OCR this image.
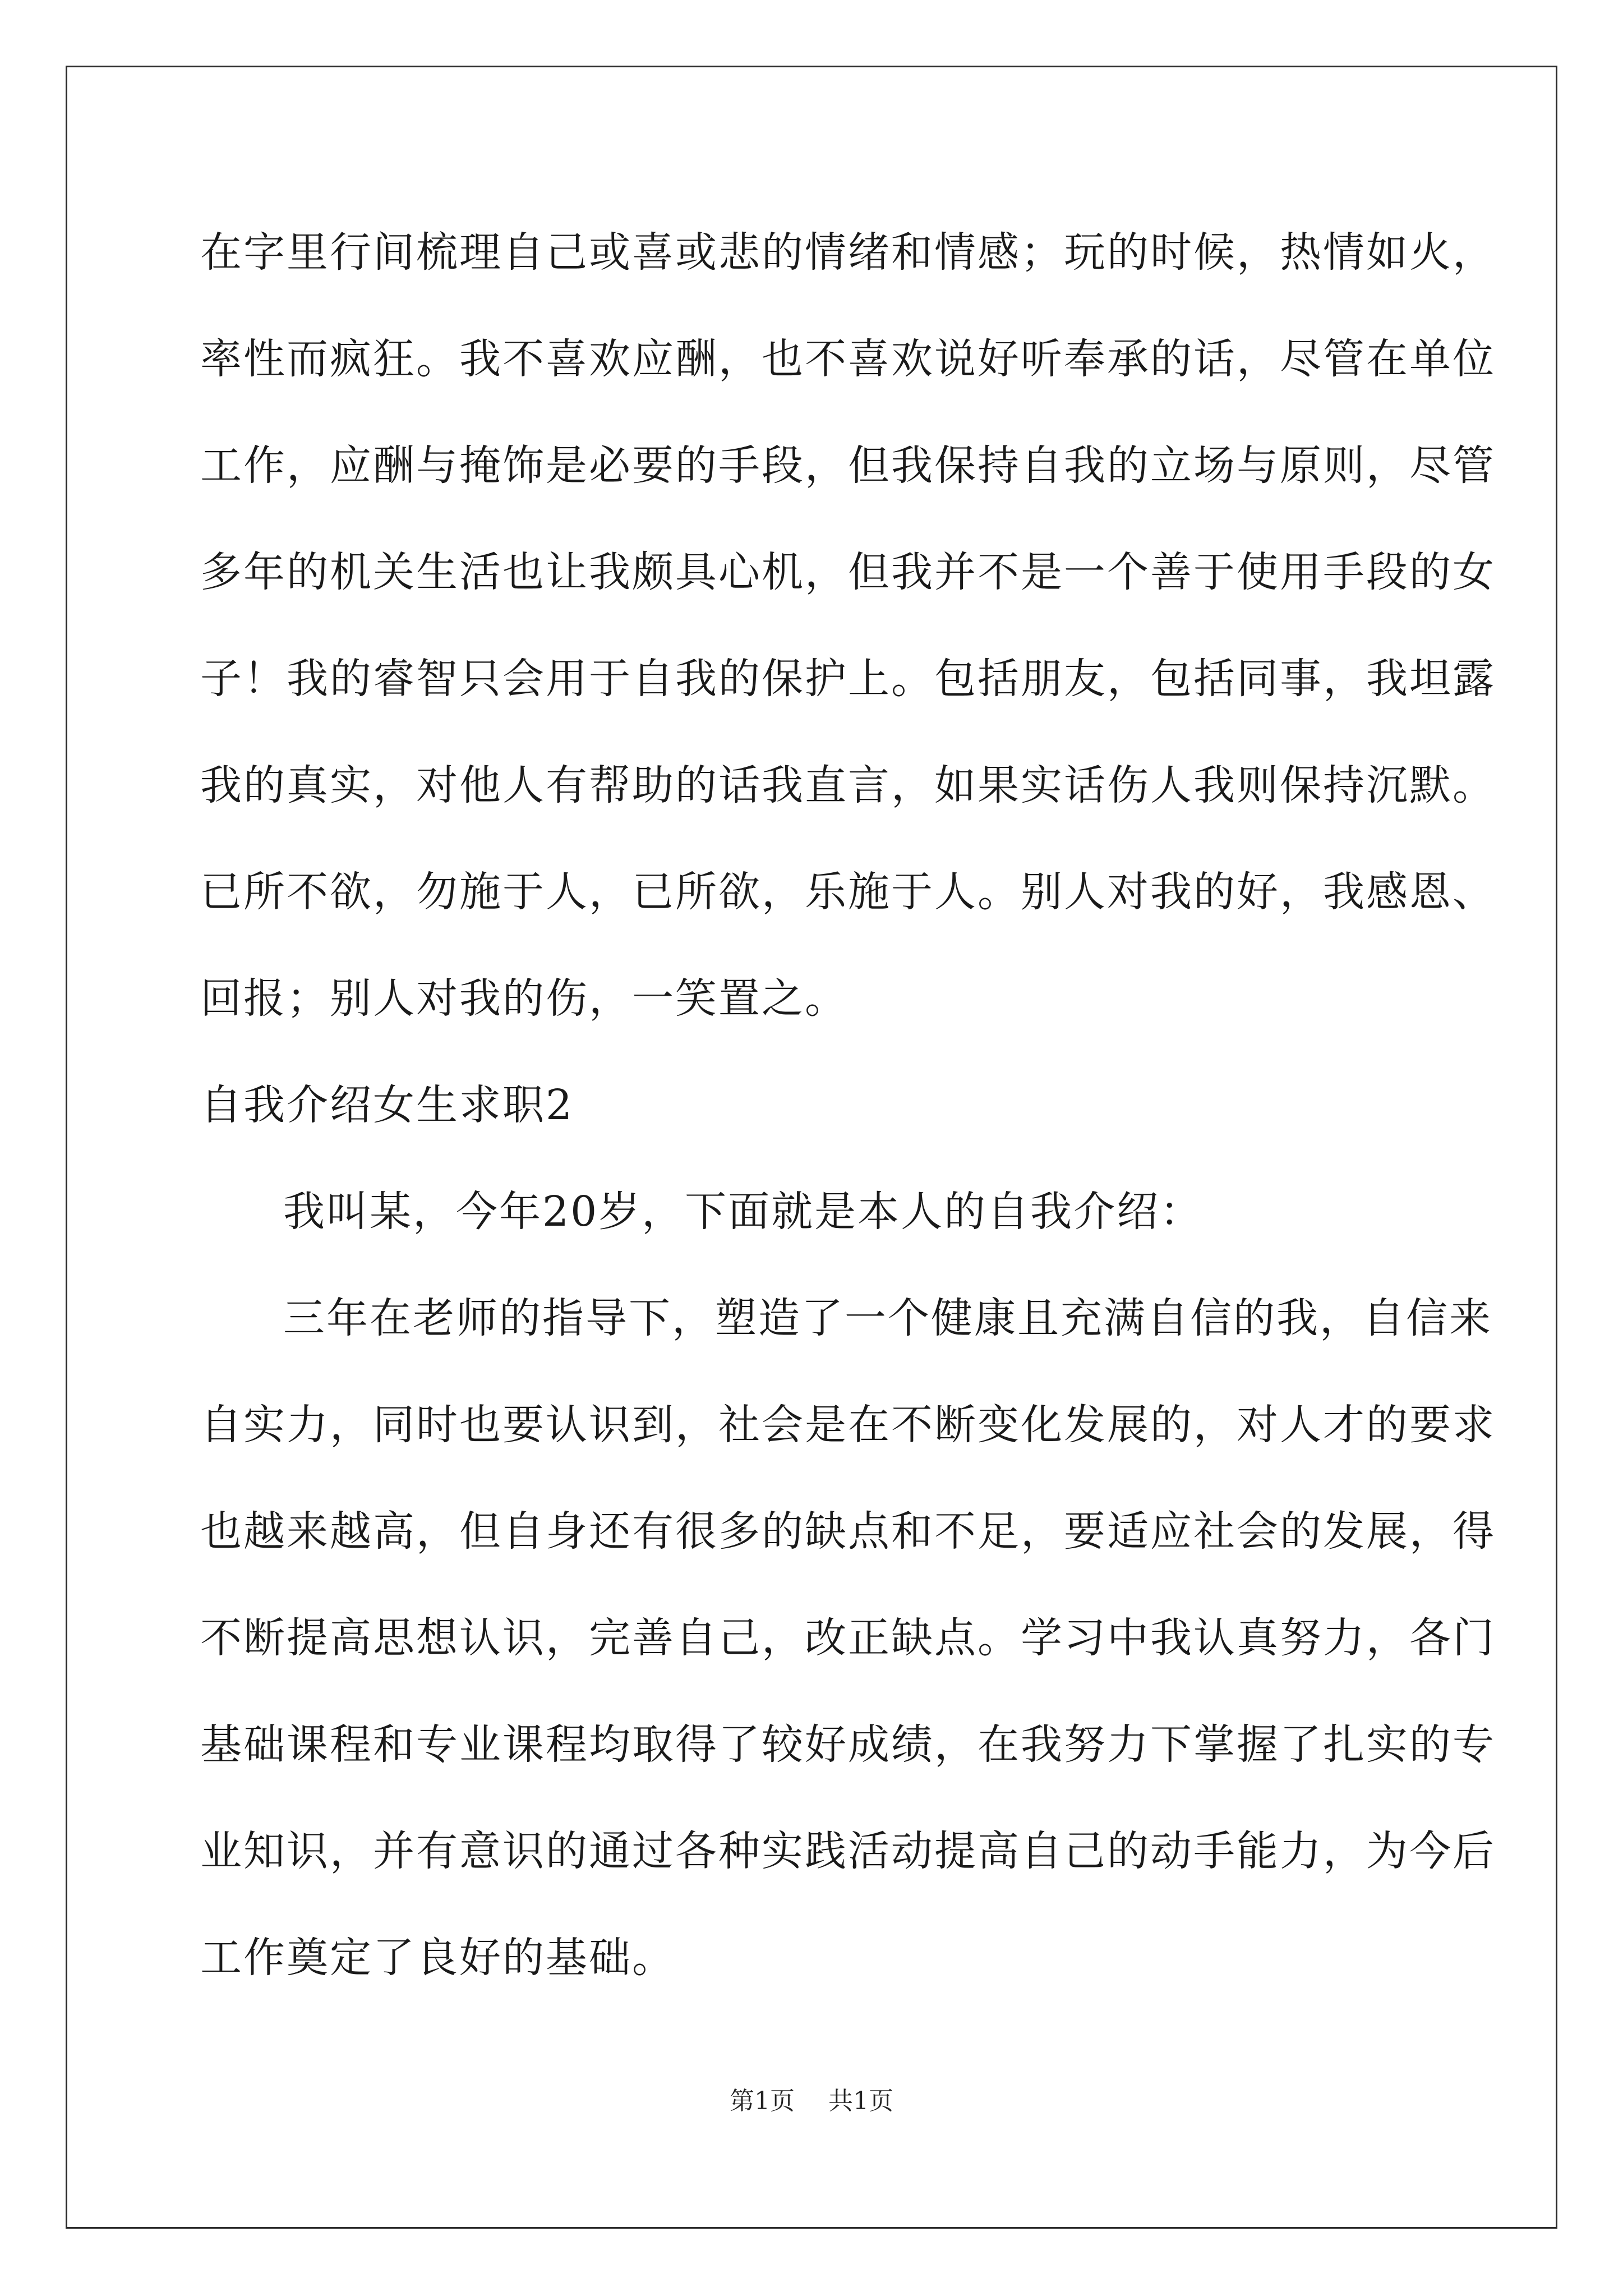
在字里行间梳理自己或喜或悲的情绪和情感；玩的时候，热情如火，
率性而疯狂。我不喜欢应酬，也不喜欢说好听奉承的话，尽管在单位
工作，应酬与掩饰是必要的手段，但我保持自我的立场与原则，尽管
多年的机关生活也让我颇具心机，但我并不是一个善于使用手段的女
子！我的睿智只会用于自我的保护上。包括朋友，包括同事，我坦露
我的真实，对他人有帮助的话我直言，如果实话伤人我则保持沉默。
已所不欲，勿施于人，已所欲，乐施于人。别人对我的好，我感恩、
回报；别人对我的伤，一笑置之。
自我介绍女生求职2
我叫某，今年20岁，下面就是本人的自我介绍：
三年在老师的指导下，塑造了一个健康且充满自信的我，自信来
自实力，同时也要认识到，社会是在不断变化发展的，对人才的要求
也越来越高，但自身还有很多的缺点和不足，要适应社会的发展，得
不断提高思想认识，完善自己，改正缺点。学习中我认真努力，各门
基础课程和专业课程均取得了较好成绩，在我努力下掌握了扎实的专
业知识，并有意识的通过各种实践活动提高自己的动手能力，为今后
工作奠定了良好的基础。
第1页 共1页
